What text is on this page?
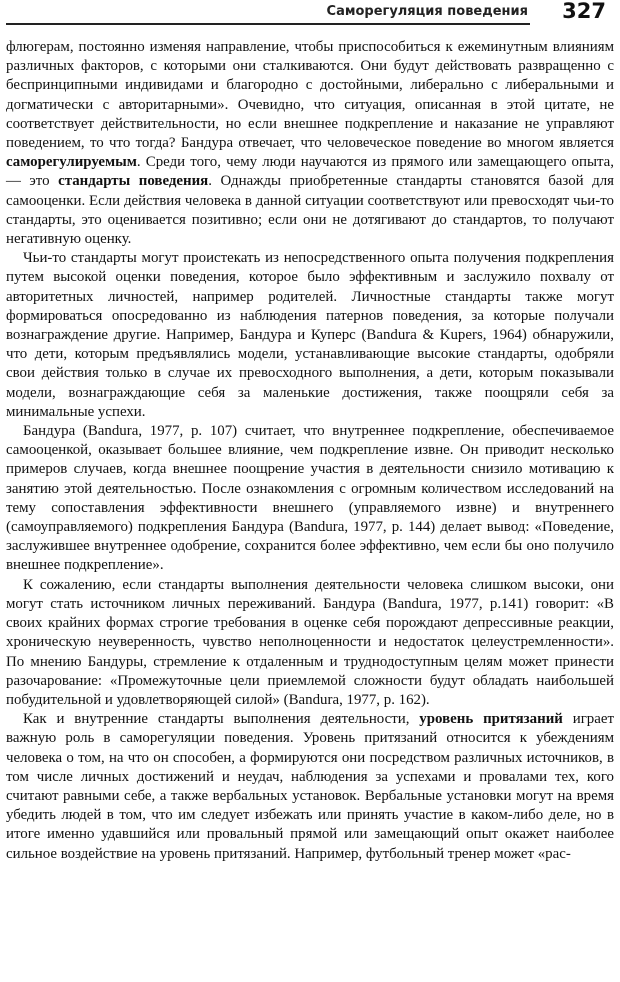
Саморегуляция поведения 327

флюгерам, постоянно изменяя направление, чтобы приспособиться к ежеминутным влияниям различных факторов, с которыми они сталкиваются. Они будут действовать развращенно с беспринципными индивидами и благородно с достойными, либерально с либеральными и догматически с авторитарными». Очевидно, что ситуация, описанная в этой цитате, не соответствует действительности, но если внешнее подкрепление и наказание не управляют поведением, то что тогда? Бандура отвечает, что человеческое поведение во многом является саморегулируемым. Среди того, чему люди научаются из прямого или замещающего опыта, — это стандарты поведения. Однажды приобретенные стандарты становятся базой для самооценки. Если действия человека в данной ситуации соответствуют или превосходят чьи-то стандарты, это оценивается позитивно; если они не дотягивают до стандартов, то получают негативную оценку.

Чьи-то стандарты могут проистекать из непосредственного опыта получения подкрепления путем высокой оценки поведения, которое было эффективным и заслужило похвалу от авторитетных личностей, например родителей. Личностные стандарты также могут формироваться опосредованно из наблюдения патернов поведения, за которые получали вознаграждение другие. Например, Бандура и Куперс (Bandura & Kupers, 1964) обнаружили, что дети, которым предъявлялись модели, устанавливающие высокие стандарты, одобряли свои действия только в случае их превосходного выполнения, а дети, которым показывали модели, вознаграждающие себя за маленькие достижения, также поощряли себя за минимальные успехи.

Бандура (Bandura, 1977, p. 107) считает, что внутреннее подкрепление, обеспечиваемое самооценкой, оказывает большее влияние, чем подкрепление извне. Он приводит несколько примеров случаев, когда внешнее поощрение участия в деятельности снизило мотивацию к занятию этой деятельностью. После ознакомления с огромным количеством исследований на тему сопоставления эффективности внешнего (управляемого извне) и внутреннего (самоуправляемого) подкрепления Бандура (Bandura, 1977, p. 144) делает вывод: «Поведение, заслужившее внутреннее одобрение, сохранится более эффективно, чем если бы оно получило внешнее подкрепление».

К сожалению, если стандарты выполнения деятельности человека слишком высоки, они могут стать источником личных переживаний. Бандура (Bandura, 1977, p.141) говорит: «В своих крайних формах строгие требования в оценке себя порождают депрессивные реакции, хроническую неуверенность, чувство неполноценности и недостаток целеустремленности». По мнению Бандуры, стремление к отдаленным и труднодоступным целям может принести разочарование: «Промежуточные цели приемлемой сложности будут обладать наибольшей побудительной и удовлетворяющей силой» (Bandura, 1977, p. 162).

Как и внутренние стандарты выполнения деятельности, уровень притязаний играет важную роль в саморегуляции поведения. Уровень притязаний относится к убеждениям человека о том, на что он способен, а формируются они посредством различных источников, в том числе личных достижений и неудач, наблюдения за успехами и провалами тех, кого считают равными себе, а также вербальных установок. Вербальные установки могут на время убедить людей в том, что им следует избежать или принять участие в каком-либо деле, но в итоге именно удавшийся или провальный прямой или замещающий опыт окажет наиболее сильное воздействие на уровень притязаний. Например, футбольный тренер может «рас-
